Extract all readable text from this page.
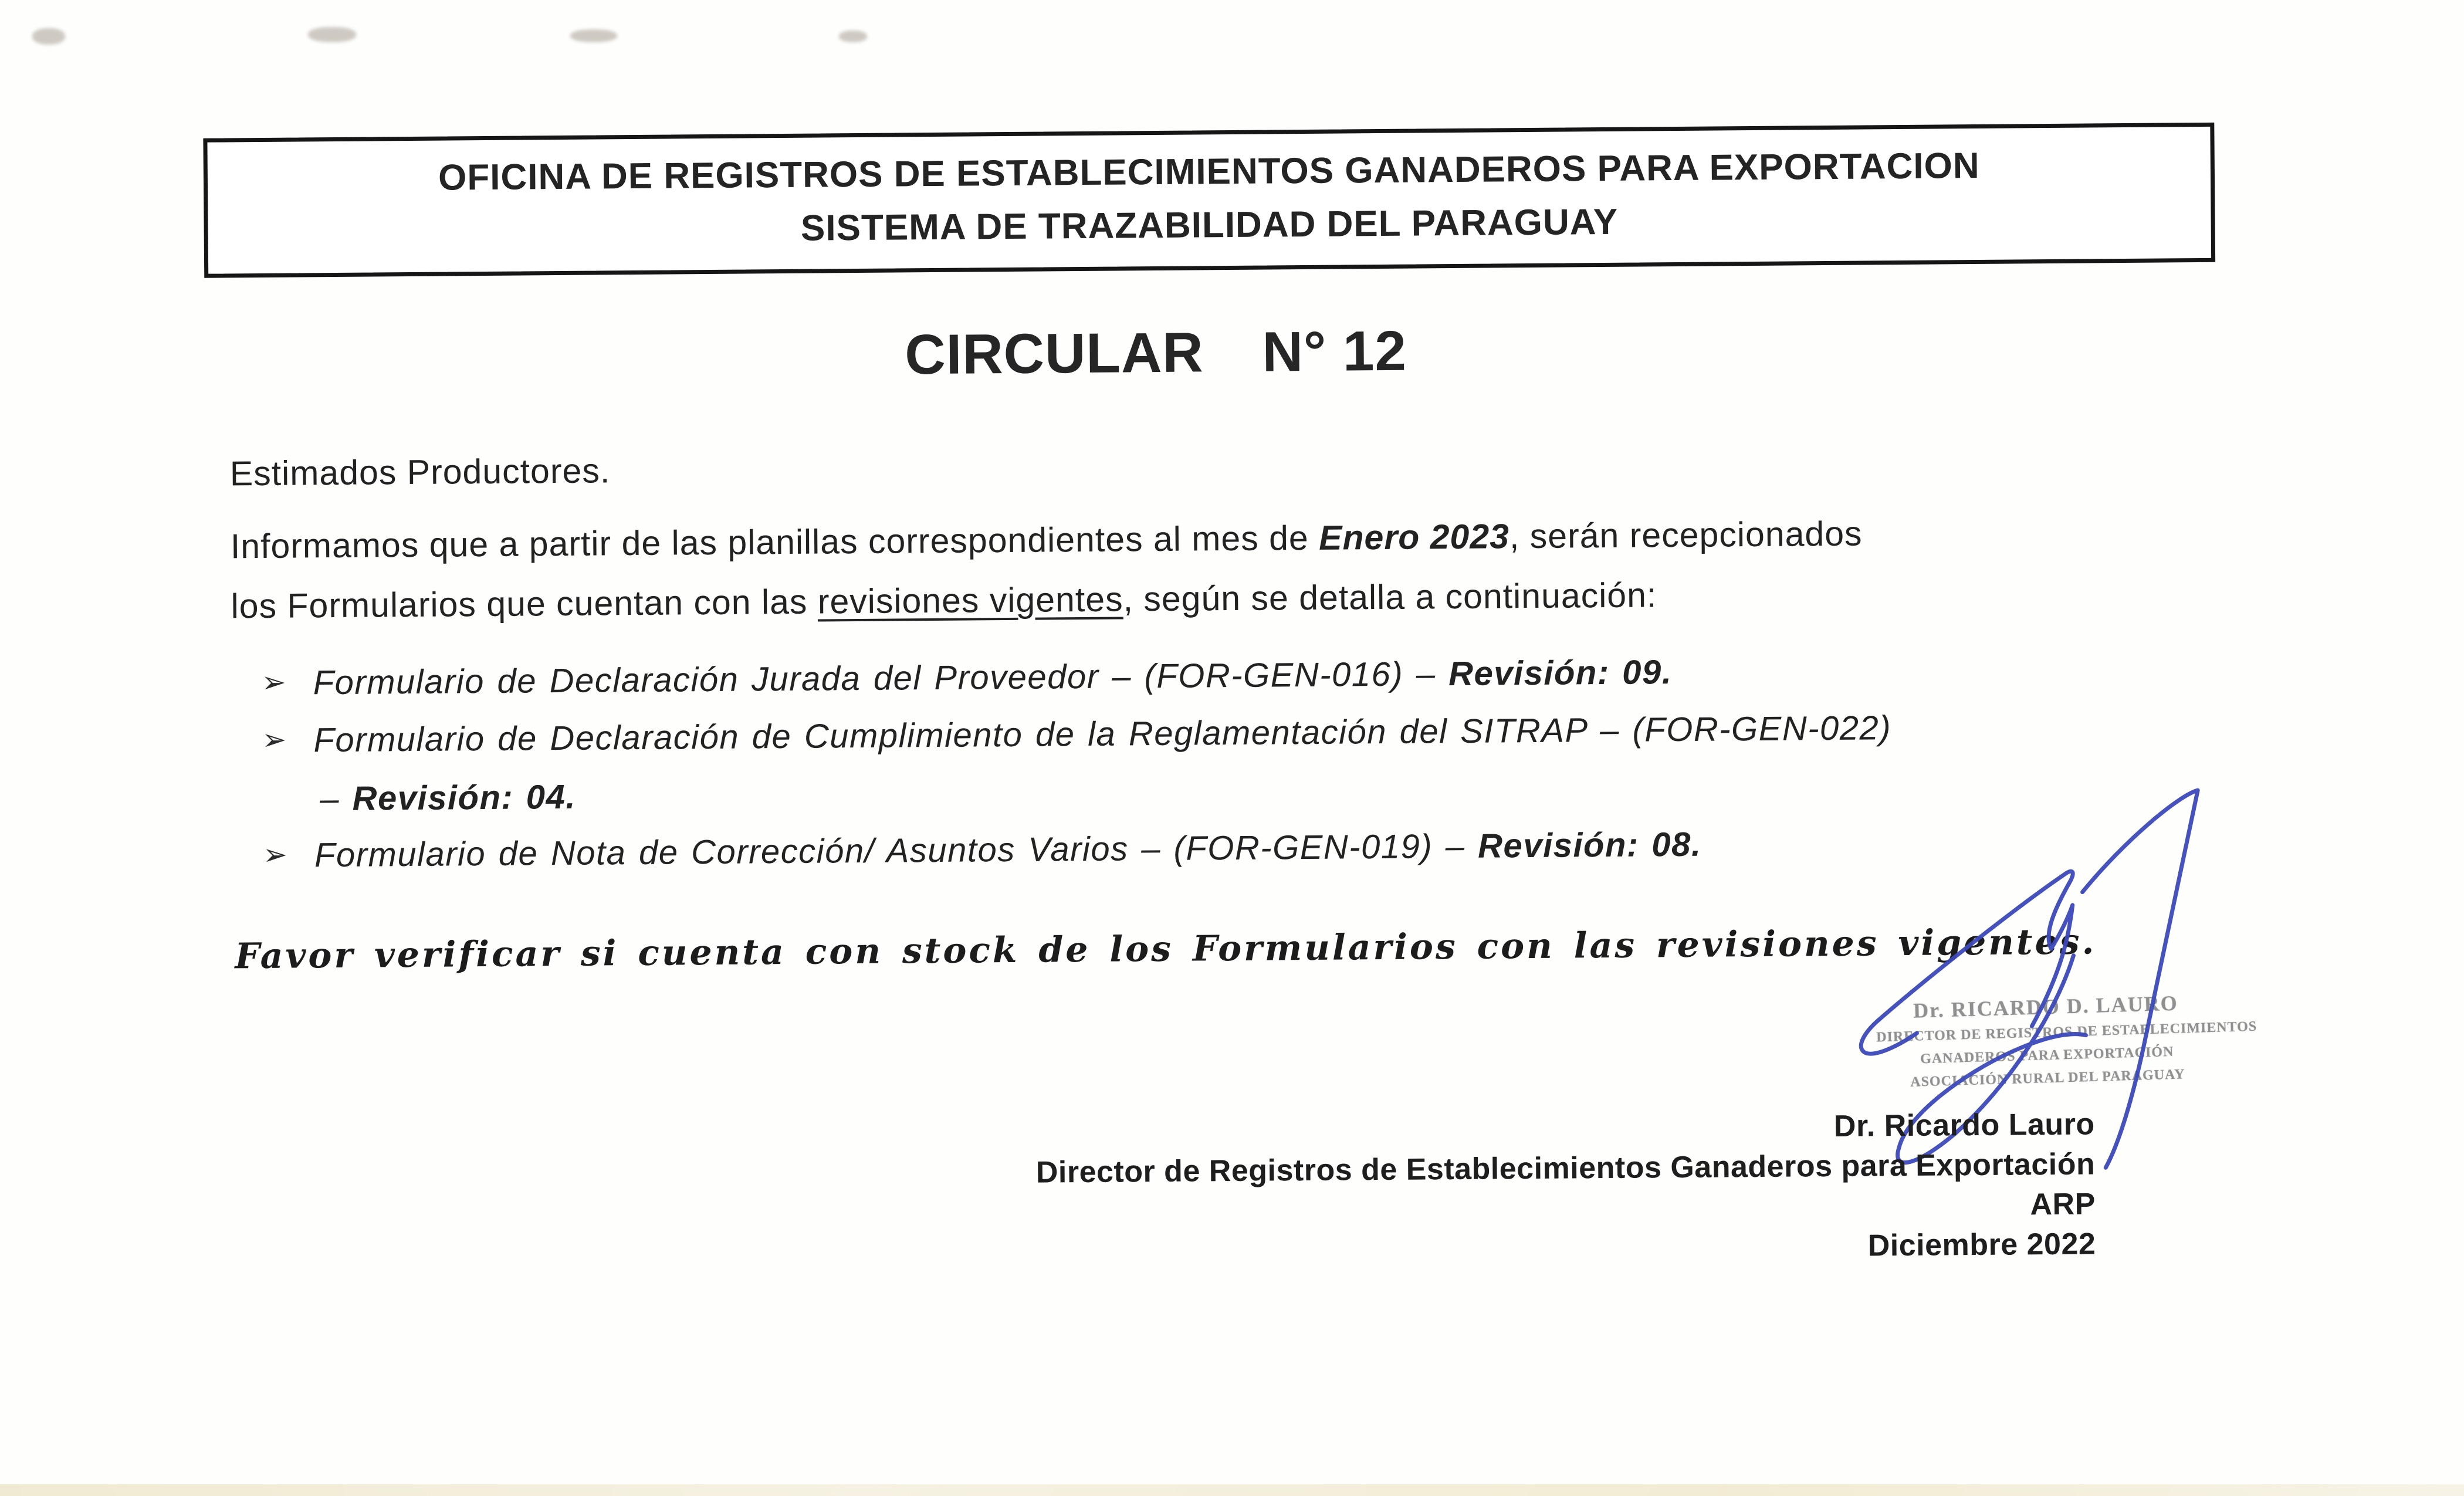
OFICINA DE REGISTROS DE ESTABLECIMIENTOS GANADEROS PARA EXPORTACION
SISTEMA DE TRAZABILIDAD DEL PARAGUAY
CIRCULAR N° 12
Estimados Productores.
Informamos que a partir de las planillas correspondientes al mes de Enero 2023, serán recepcionados
los Formularios que cuentan con las revisiones vigentes, según se detalla a continuación:
➢ Formulario de Declaración Jurada del Proveedor – (FOR-GEN-016) – Revisión: 09.
➢ Formulario de Declaración de Cumplimiento de la Reglamentación del SITRAP – (FOR-GEN-022)
– Revisión: 04.
➢ Formulario de Nota de Corrección/ Asuntos Varios – (FOR-GEN-019) – Revisión: 08.
Favor verificar si cuenta con stock de los Formularios con las revisiones vigentes.
Dr. RICARDO D. LAURO
DIRECTOR DE REGISTROS DE ESTABLECIMIENTOS
GANADEROS PARA EXPORTACIÓN
ASOCIACIÓN RURAL DEL PARAGUAY
Dr. Ricardo Lauro
Director de Registros de Establecimientos Ganaderos para Exportación
ARP
Diciembre 2022
